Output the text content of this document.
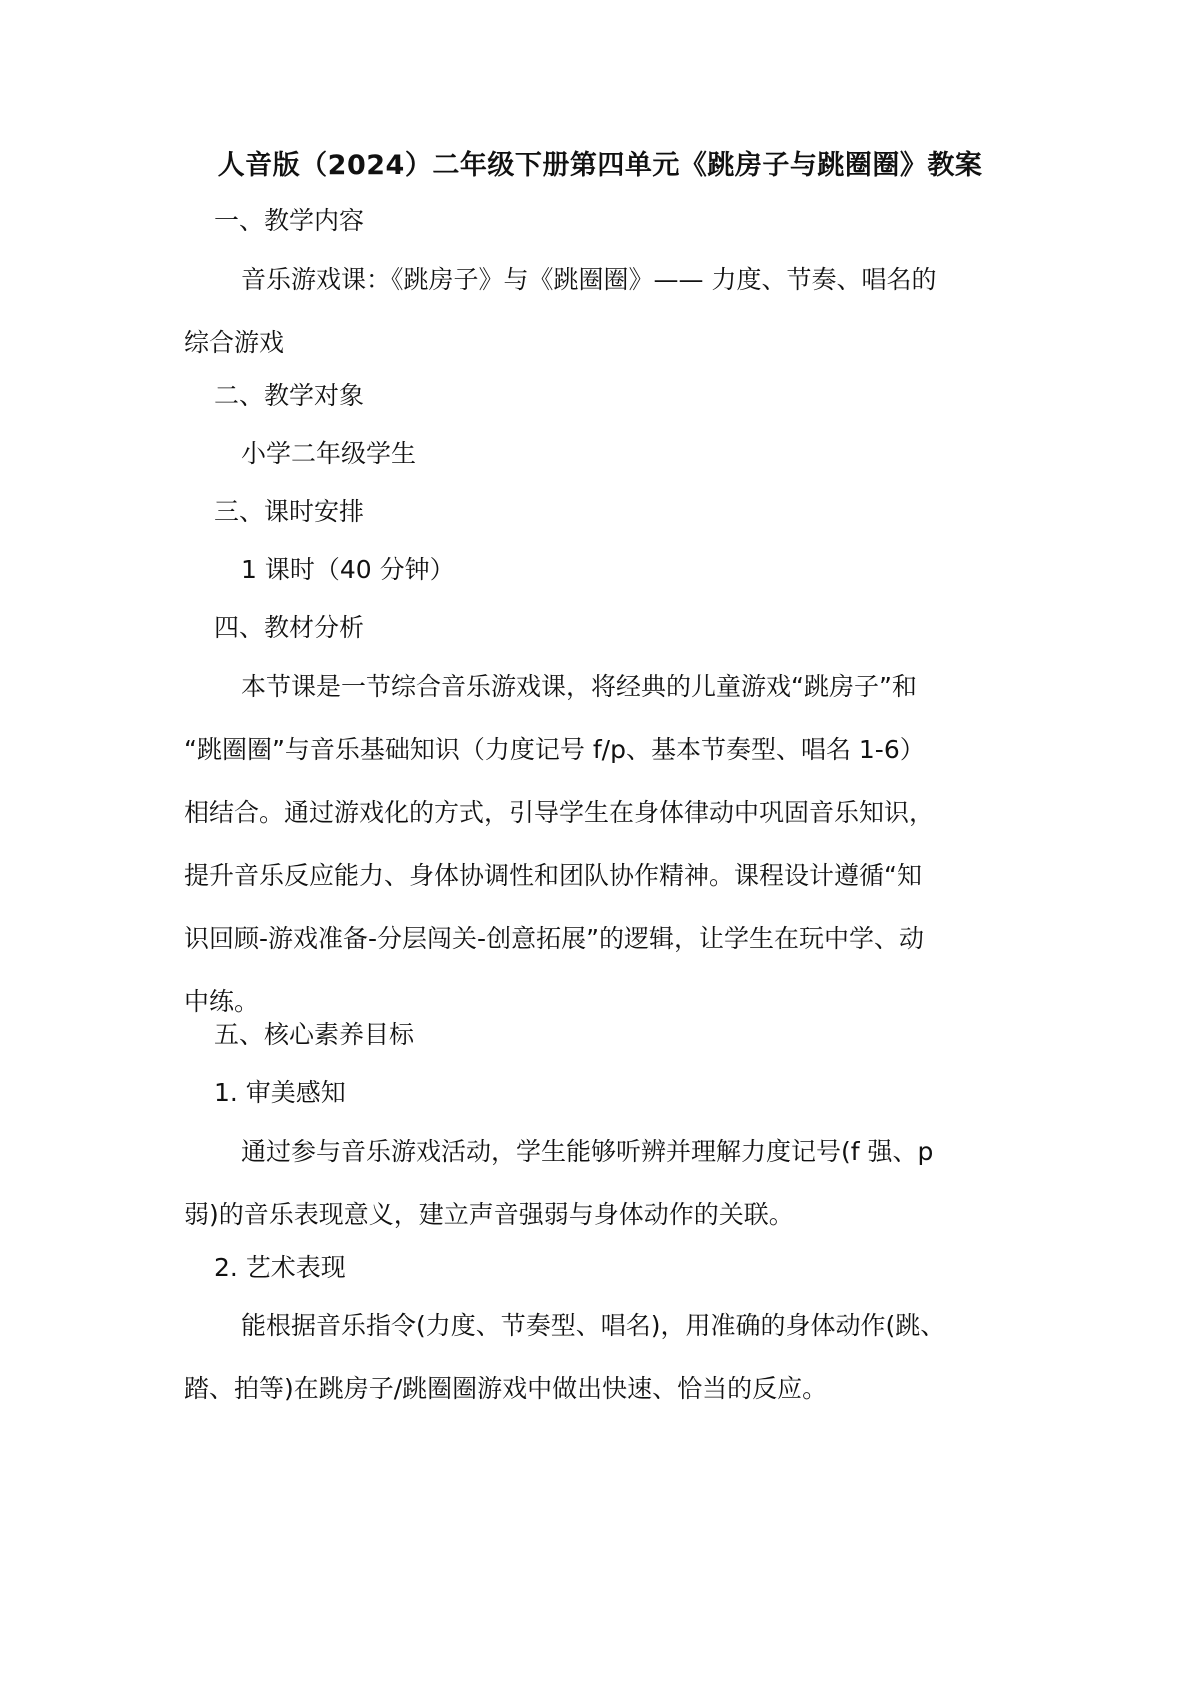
人音版（2024）二年级下册第四单元《跳房子与跳圈圈》教案
一、教学内容
音乐游戏课：《跳房子》与《跳圈圈》—— 力度、节奏、唱名的
综合游戏
二、教学对象
小学二年级学生
三、课时安排
1 课时（40 分钟）
四、教材分析
本节课是一节综合音乐游戏课，将经典的儿童游戏“跳房子”和
“跳圈圈”与音乐基础知识（力度记号 f/p、基本节奏型、唱名 1-6）
相结合。通过游戏化的方式，引导学生在身体律动中巩固音乐知识，
提升音乐反应能力、身体协调性和团队协作精神。课程设计遵循“知
识回顾-游戏准备-分层闯关-创意拓展”的逻辑，让学生在玩中学、动
中练。
五、核心素养目标
1. 审美感知
通过参与音乐游戏活动，学生能够听辨并理解力度记号(f 强、p
弱)的音乐表现意义，建立声音强弱与身体动作的关联。
2. 艺术表现
能根据音乐指令(力度、节奏型、唱名)，用准确的身体动作(跳、
踏、拍等)在跳房子/跳圈圈游戏中做出快速、恰当的反应。
